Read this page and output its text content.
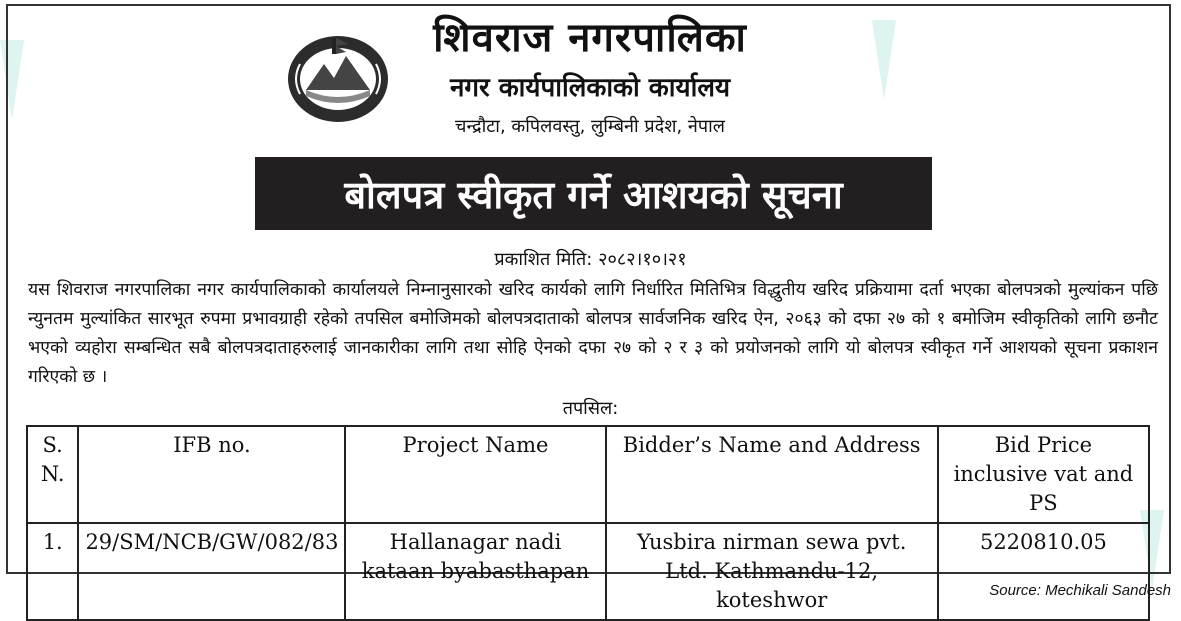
शिवराज नगरपालिका
नगर कार्यपालिकाको कार्यालय
चन्द्रौटा, कपिलवस्तु, लुम्बिनी प्रदेश, नेपाल
बोलपत्र स्वीकृत गर्ने आशयको सूचना
प्रकाशित मिति: २०८२।१०।२१
यस शिवराज नगरपालिका नगर कार्यपालिकाको कार्यालयले निम्नानुसारको खरिद कार्यको लागि निर्धारित मितिभित्र विद्धुतीय खरिद प्रक्रियामा दर्ता भएका बोलपत्रको मुल्यांकन पछि न्युनतम मुल्यांकित सारभूत रुपमा प्रभावग्राही रहेको तपसिल बमोजिमको बोलपत्रदाताको बोलपत्र सार्वजनिक खरिद ऐन, २०६३ को दफा २७ को १ बमोजिम स्वीकृतिको लागि छनौट भएको व्यहोरा सम्बन्धित सबै बोलपत्रदाताहरुलाई जानकारीका लागि तथा सोहि ऐनको दफा २७ को २ र ३ को प्रयोजनको लागि यो बोलपत्र स्वीकृत गर्ने आशयको सूचना प्रकाशन गरिएको छ ।
तपसिल:
S. N.	IFB no.	Project Name	Bidder’s Name and Address	Bid Price inclusive vat and PS
1.	29/SM/NCB/GW/082/83	Hallanagar nadi kataan byabasthapan	Yusbira nirman sewa pvt. Ltd. Kathmandu-12, koteshwor	5220810.05
Source: Mechikali Sandesh
